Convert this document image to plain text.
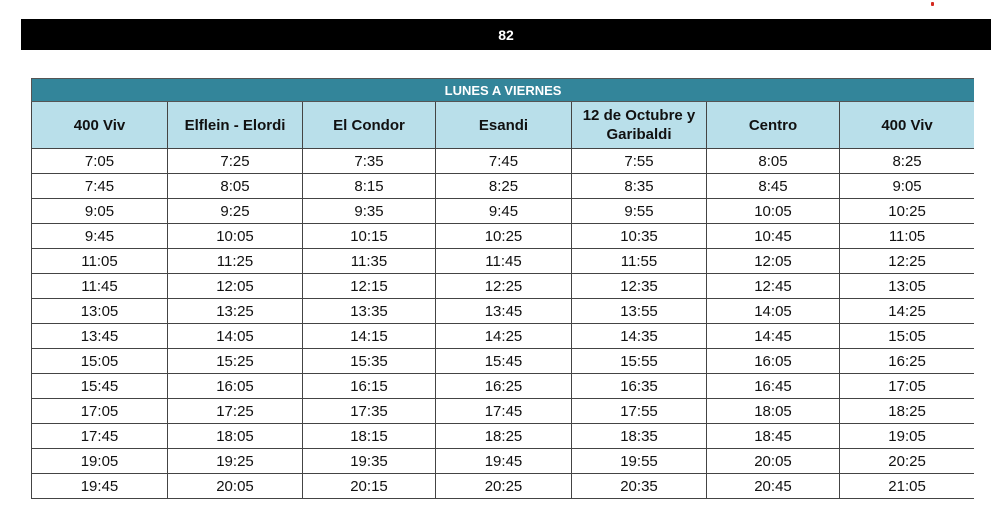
82
LUNES A VIERNES						
400 Viv	Elflein - Elordi	El Condor	Esandi	12 de Octubre y Garibaldi	Centro	400 Viv
7:05	7:25	7:35	7:45	7:55	8:05	8:25
7:45	8:05	8:15	8:25	8:35	8:45	9:05
9:05	9:25	9:35	9:45	9:55	10:05	10:25
9:45	10:05	10:15	10:25	10:35	10:45	11:05
11:05	11:25	11:35	11:45	11:55	12:05	12:25
11:45	12:05	12:15	12:25	12:35	12:45	13:05
13:05	13:25	13:35	13:45	13:55	14:05	14:25
13:45	14:05	14:15	14:25	14:35	14:45	15:05
15:05	15:25	15:35	15:45	15:55	16:05	16:25
15:45	16:05	16:15	16:25	16:35	16:45	17:05
17:05	17:25	17:35	17:45	17:55	18:05	18:25
17:45	18:05	18:15	18:25	18:35	18:45	19:05
19:05	19:25	19:35	19:45	19:55	20:05	20:25
19:45	20:05	20:15	20:25	20:35	20:45	21:05
